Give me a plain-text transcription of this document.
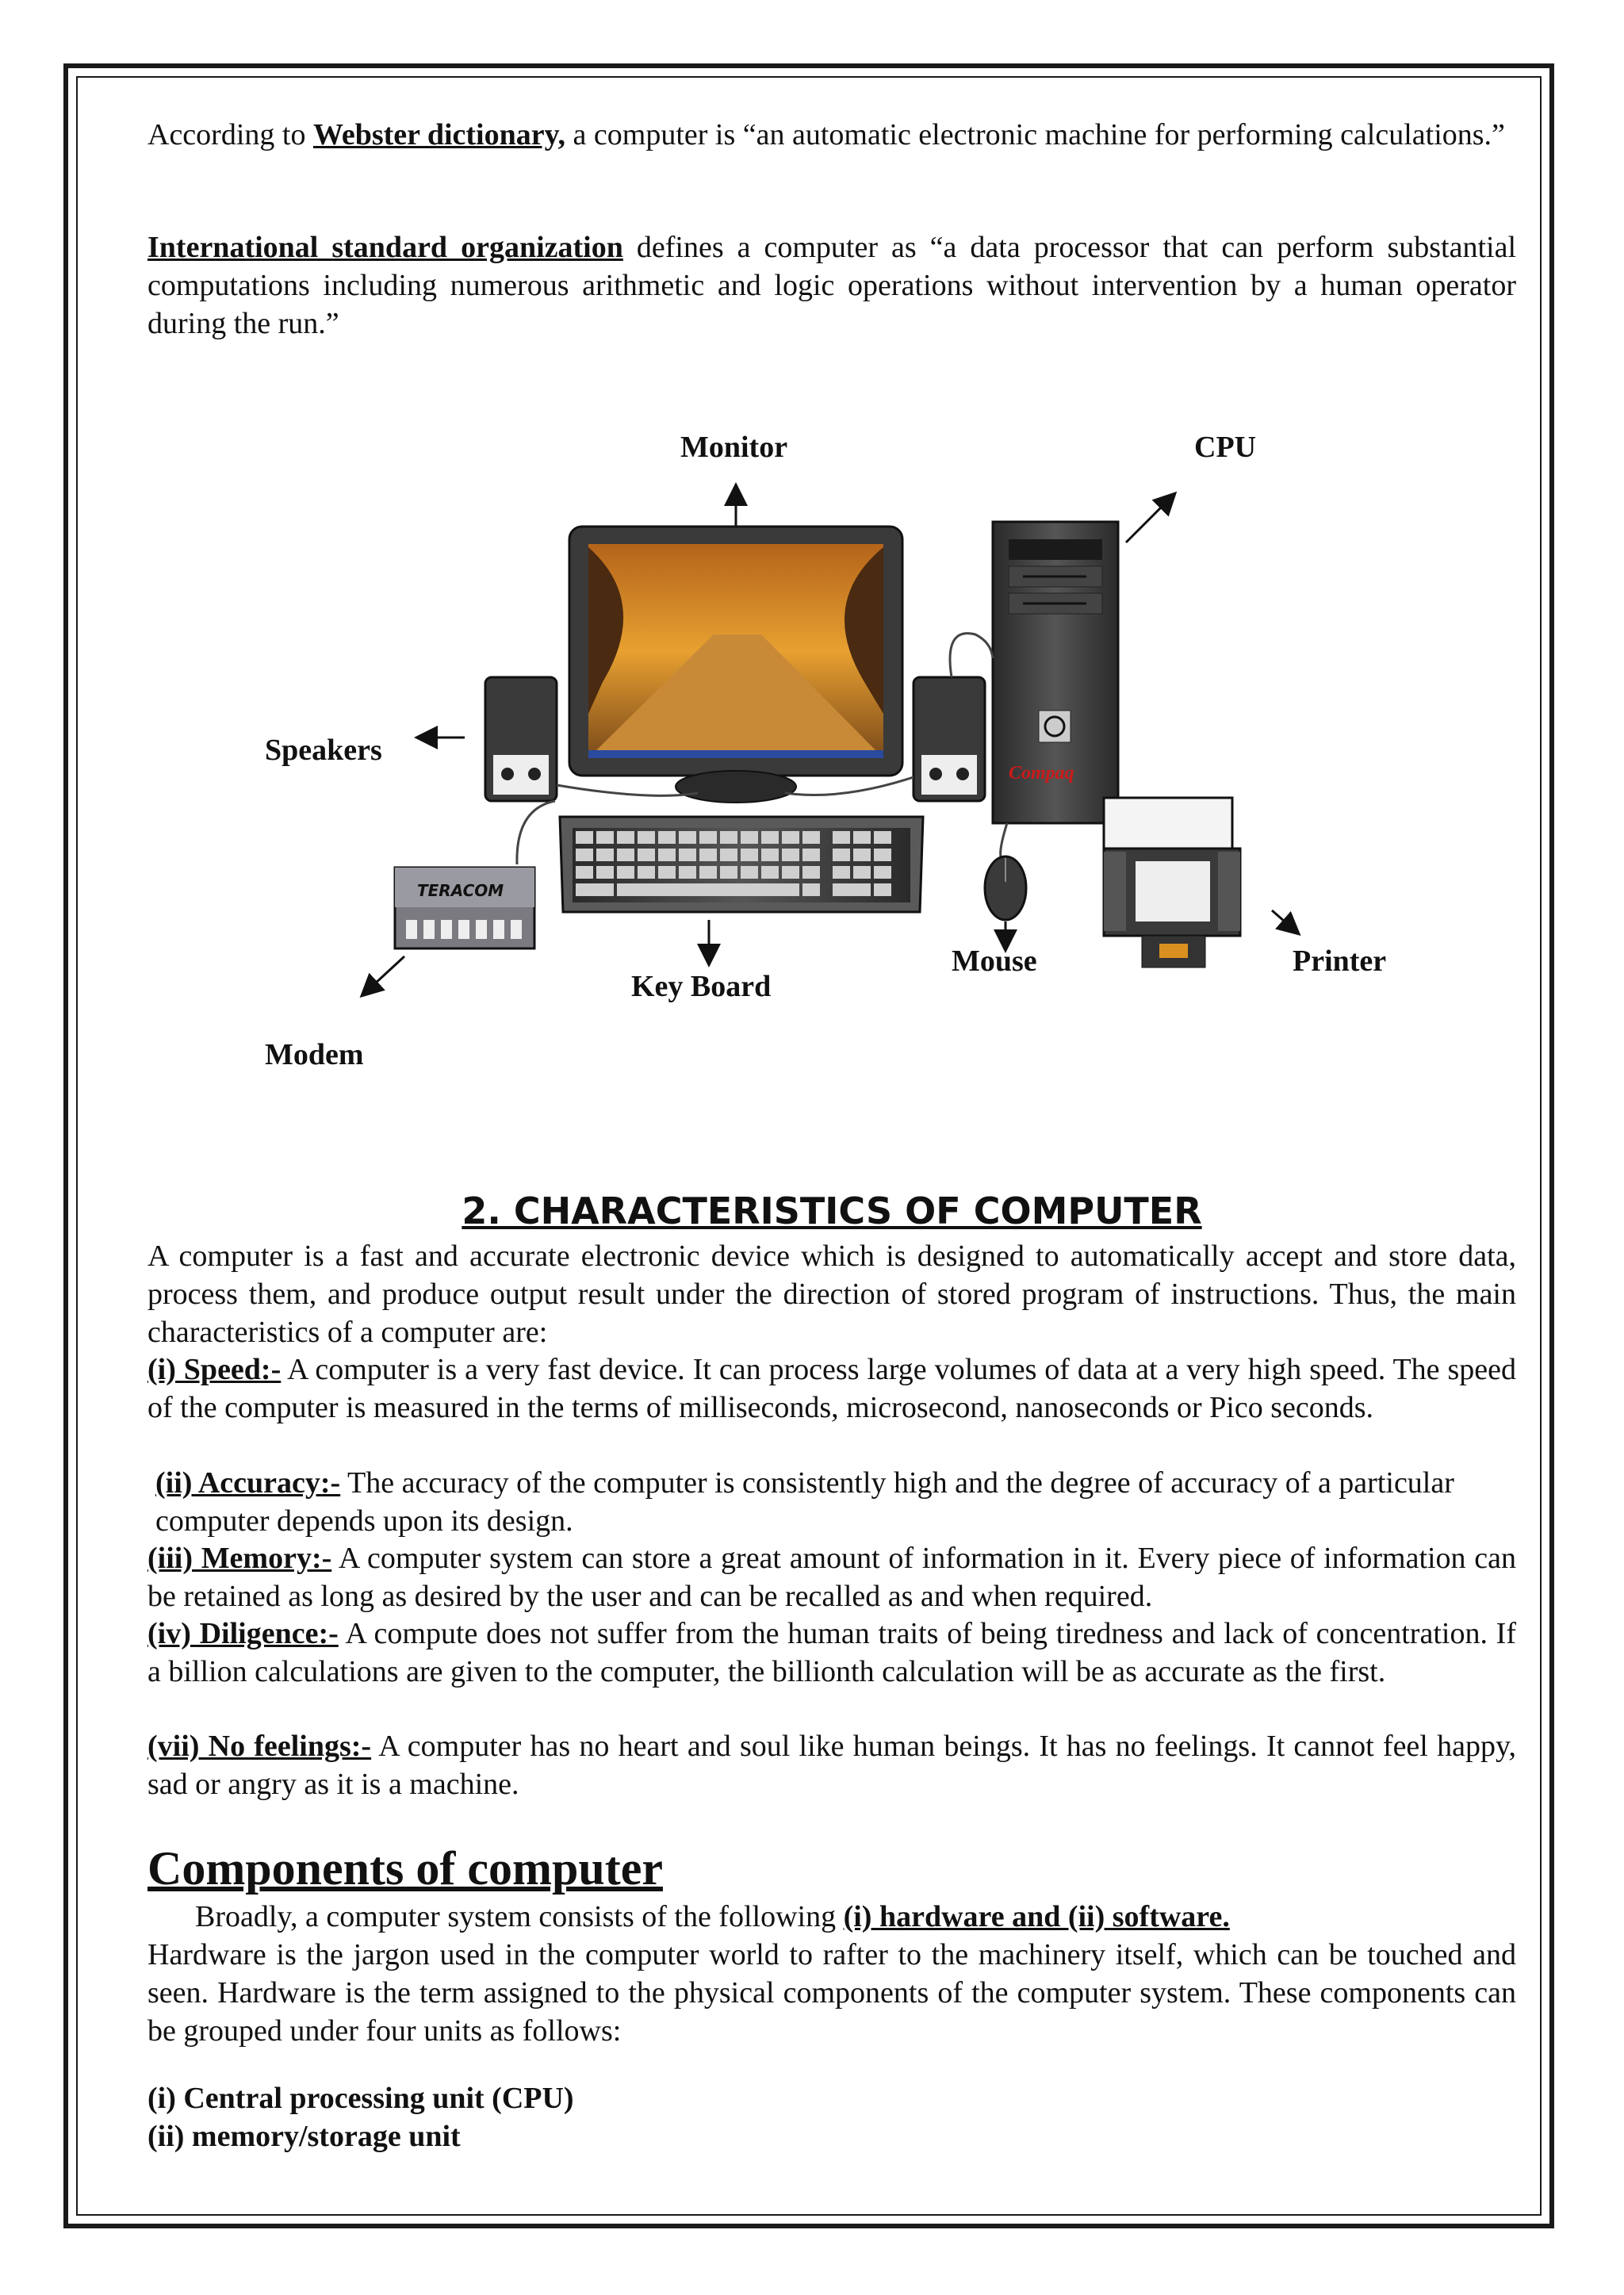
According to Webster dictionary, a computer is “an automatic electronic machine for performing calculations.”

International standard organization defines a computer as “a data processor that can perform substantial computations including numerous arithmetic and logic operations without intervention by a human operator during the run.”

Compaq
TERACOM
Monitor	CPU
Speakers
Key Board
Mouse	Printer
Modem
2. CHARACTERISTICS OF COMPUTER

A computer is a fast and accurate electronic device which is designed to automatically accept and store data, process them, and produce output result under the direction of stored program of instructions. Thus, the main characteristics of a computer are:

(i) Speed:- A computer is a very fast device. It can process large volumes of data at a very high speed. The speed of the computer is measured in the terms of milliseconds, microsecond, nanoseconds or Pico seconds.

(ii) Accuracy:- The accuracy of the computer is consistently high and the degree of accuracy of a particular computer depends upon its design.

(iii) Memory:- A computer system can store a great amount of information in it. Every piece of information can be retained as long as desired by the user and can be recalled as and when required.

(iv) Diligence:- A compute does not suffer from the human traits of being tiredness and lack of concentration. If a billion calculations are given to the computer, the billionth calculation will be as accurate as the first.

(vii) No feelings:- A computer has no heart and soul like human beings. It has no feelings. It cannot feel happy, sad or angry as it is a machine.

Components of computer

Broadly, a computer system consists of the following (i) hardware and (ii) software.

Hardware is the jargon used in the computer world to rafter to the machinery itself, which can be touched and seen. Hardware is the term assigned to the physical components of the computer system. These components can be grouped under four units as follows:

(i) Central processing unit (CPU)
(ii) memory/storage unit
